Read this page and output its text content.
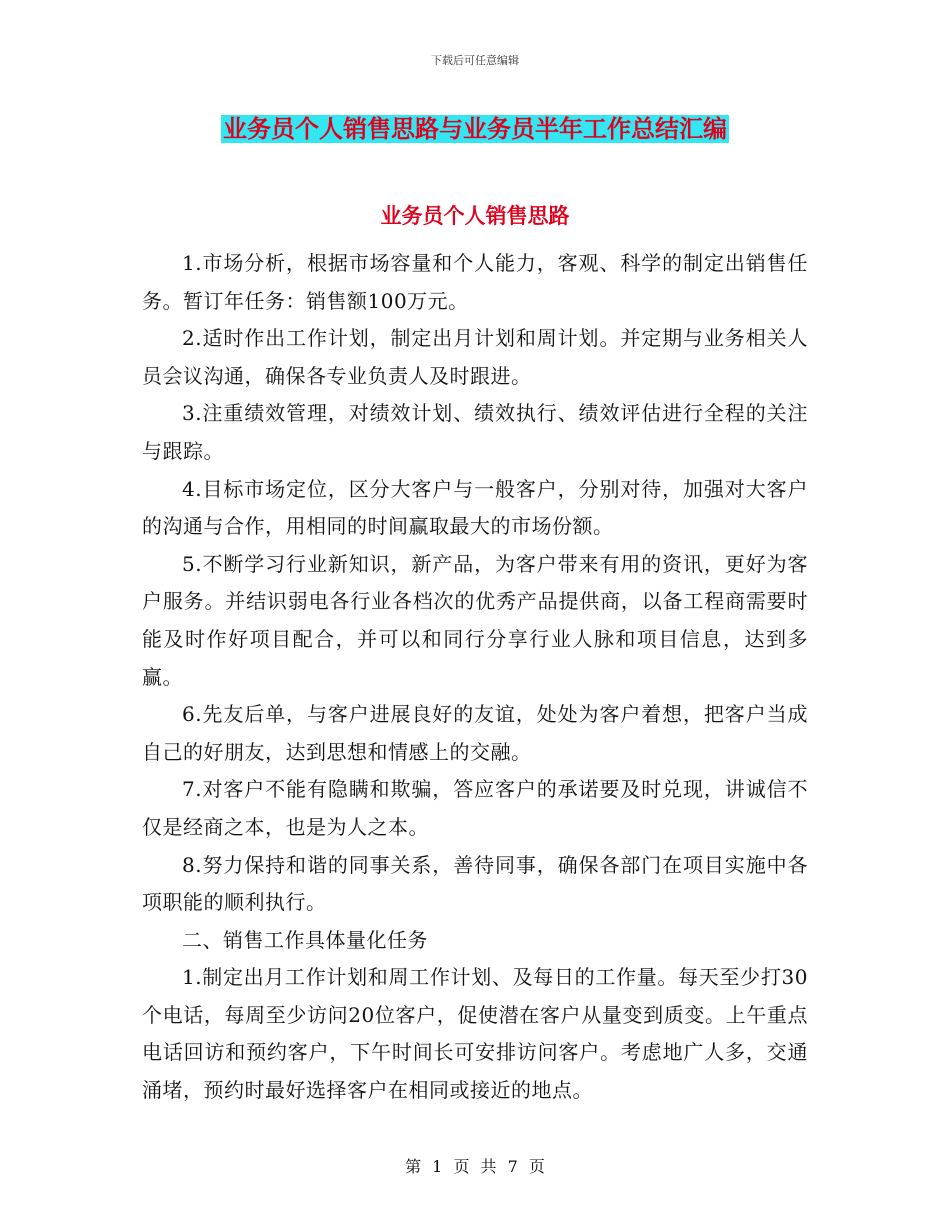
下载后可任意编辑
业务员个人销售思路与业务员半年工作总结汇编
业务员个人销售思路

1.市场分析，根据市场容量和个人能力，客观、科学的制定出销售任务。暂订年任务：销售额100万元。

2.适时作出工作计划，制定出月计划和周计划。并定期与业务相关人员会议沟通，确保各专业负责人及时跟进。

3.注重绩效管理，对绩效计划、绩效执行、绩效评估进行全程的关注与跟踪。

4.目标市场定位，区分大客户与一般客户，分别对待，加强对大客户的沟通与合作，用相同的时间赢取最大的市场份额。

5.不断学习行业新知识，新产品，为客户带来有用的资讯，更好为客户服务。并结识弱电各行业各档次的优秀产品提供商，以备工程商需要时能及时作好项目配合，并可以和同行分享行业人脉和项目信息，达到多赢。

6.先友后单，与客户进展良好的友谊，处处为客户着想，把客户当成自己的好朋友，达到思想和情感上的交融。

7.对客户不能有隐瞒和欺骗，答应客户的承诺要及时兑现，讲诚信不仅是经商之本，也是为人之本。

8.努力保持和谐的同事关系，善待同事，确保各部门在项目实施中各项职能的顺利执行。

二、销售工作具体量化任务

1.制定出月工作计划和周工作计划、及每日的工作量。每天至少打30个电话，每周至少访问20位客户，促使潜在客户从量变到质变。上午重点电话回访和预约客户，下午时间长可安排访问客户。考虑地广人多，交通涌堵，预约时最好选择客户在相同或接近的地点。

第 1 页 共 7 页
